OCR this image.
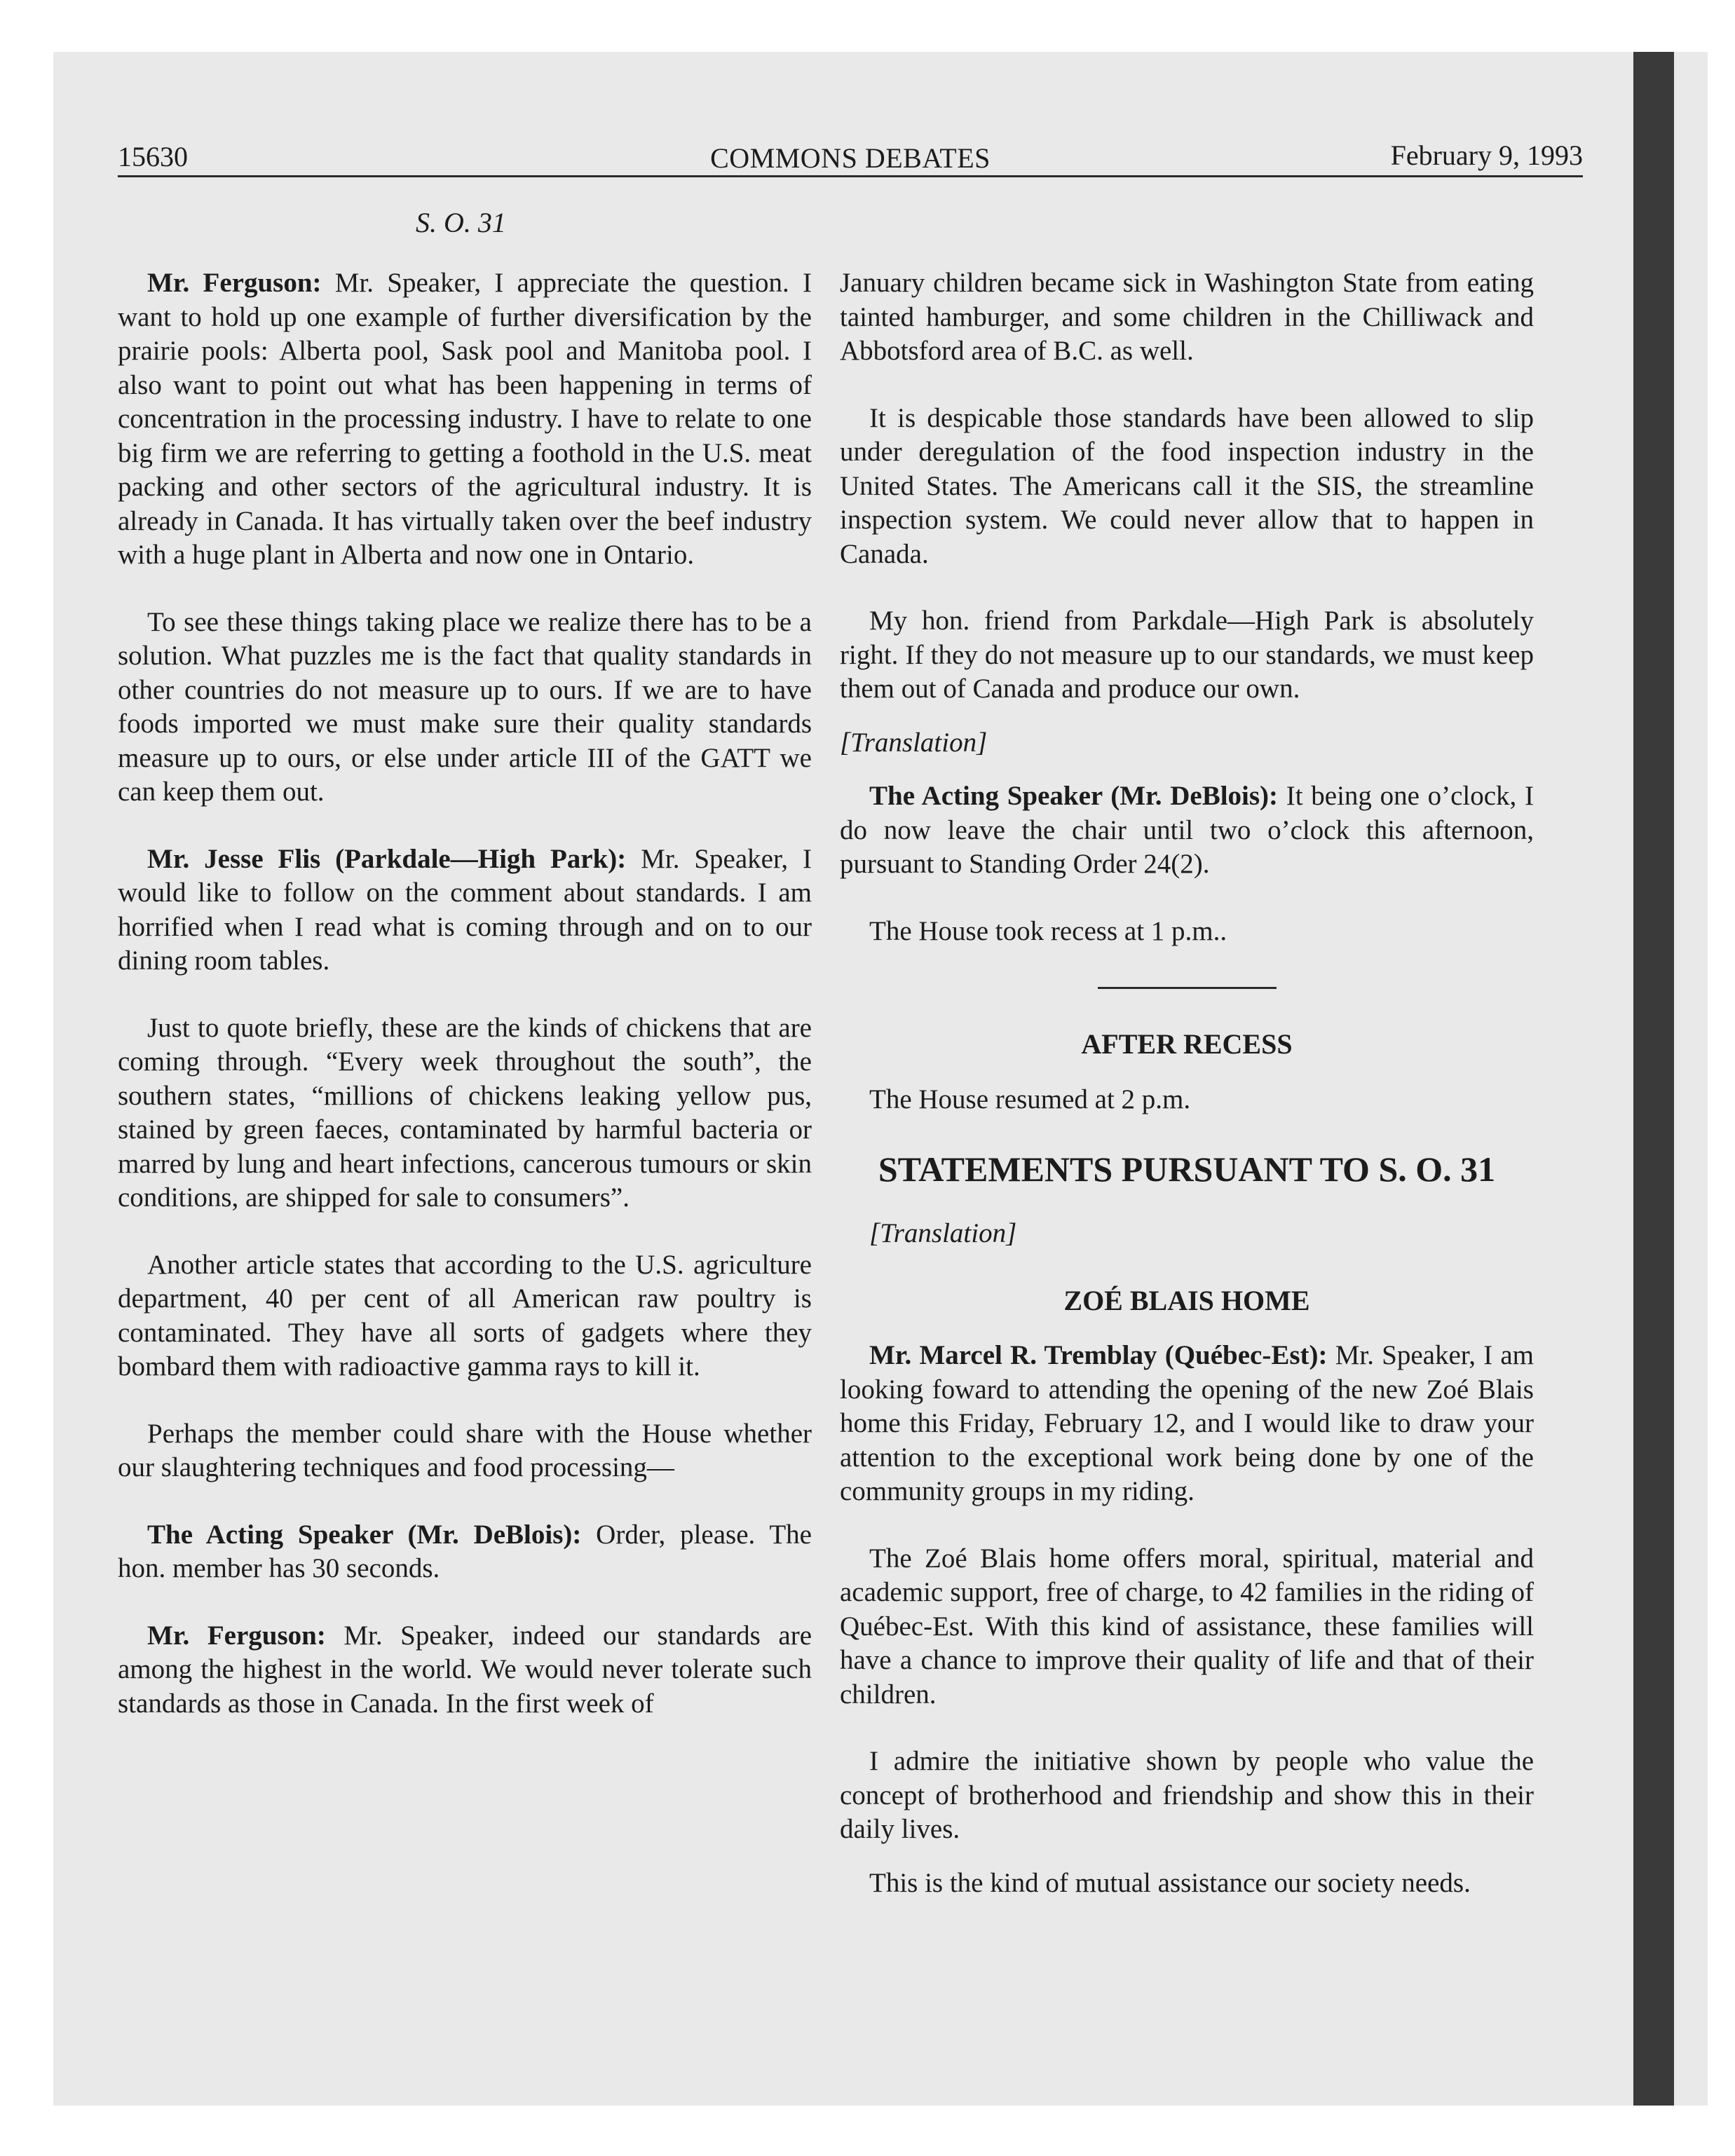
15630	COMMONS DEBATES	February 9, 1993
S. O. 31

Mr. Ferguson: Mr. Speaker, I appreciate the question. I want to hold up one example of further diversification by the prairie pools: Alberta pool, Sask pool and Manitoba pool. I also want to point out what has been happening in terms of concentration in the processing industry. I have to relate to one big firm we are referring to getting a foothold in the U.S. meat packing and other sectors of the agricultural industry. It is already in Canada. It has virtually taken over the beef industry with a huge plant in Alberta and now one in Ontario.

To see these things taking place we realize there has to be a solution. What puzzles me is the fact that quality standards in other countries do not measure up to ours. If we are to have foods imported we must make sure their quality standards measure up to ours, or else under article III of the GATT we can keep them out.

Mr. Jesse Flis (Parkdale—High Park): Mr. Speaker, I would like to follow on the comment about standards. I am horrified when I read what is coming through and on to our dining room tables.

Just to quote briefly, these are the kinds of chickens that are coming through. “Every week throughout the south”, the southern states, “millions of chickens leaking yellow pus, stained by green faeces, contaminated by harmful bacteria or marred by lung and heart infections, cancerous tumours or skin conditions, are shipped for sale to consumers”.

Another article states that according to the U.S. agriculture department, 40 per cent of all American raw poultry is contaminated. They have all sorts of gadgets where they bombard them with radioactive gamma rays to kill it.

Perhaps the member could share with the House whether our slaughtering techniques and food processing—

The Acting Speaker (Mr. DeBlois): Order, please. The hon. member has 30 seconds.

Mr. Ferguson: Mr. Speaker, indeed our standards are among the highest in the world. We would never tolerate such standards as those in Canada. In the first week of

January children became sick in Washington State from eating tainted hamburger, and some children in the Chilliwack and Abbotsford area of B.C. as well.

It is despicable those standards have been allowed to slip under deregulation of the food inspection industry in the United States. The Americans call it the SIS, the streamline inspection system. We could never allow that to happen in Canada.

My hon. friend from Parkdale—High Park is absolutely right. If they do not measure up to our standards, we must keep them out of Canada and produce our own.

[Translation]

The Acting Speaker (Mr. DeBlois): It being one o’clock, I do now leave the chair until two o’clock this afternoon, pursuant to Standing Order 24(2).

The House took recess at 1 p.m..

AFTER RECESS

The House resumed at 2 p.m.

STATEMENTS PURSUANT TO S. O. 31

[Translation]

ZOÉ BLAIS HOME

Mr. Marcel R. Tremblay (Québec-Est): Mr. Speaker, I am looking foward to attending the opening of the new Zoé Blais home this Friday, February 12, and I would like to draw your attention to the exceptional work being done by one of the community groups in my riding.

The Zoé Blais home offers moral, spiritual, material and academic support, free of charge, to 42 families in the riding of Québec-Est. With this kind of assistance, these families will have a chance to improve their quality of life and that of their children.

I admire the initiative shown by people who value the concept of brotherhood and friendship and show this in their daily lives.

This is the kind of mutual assistance our society needs.
